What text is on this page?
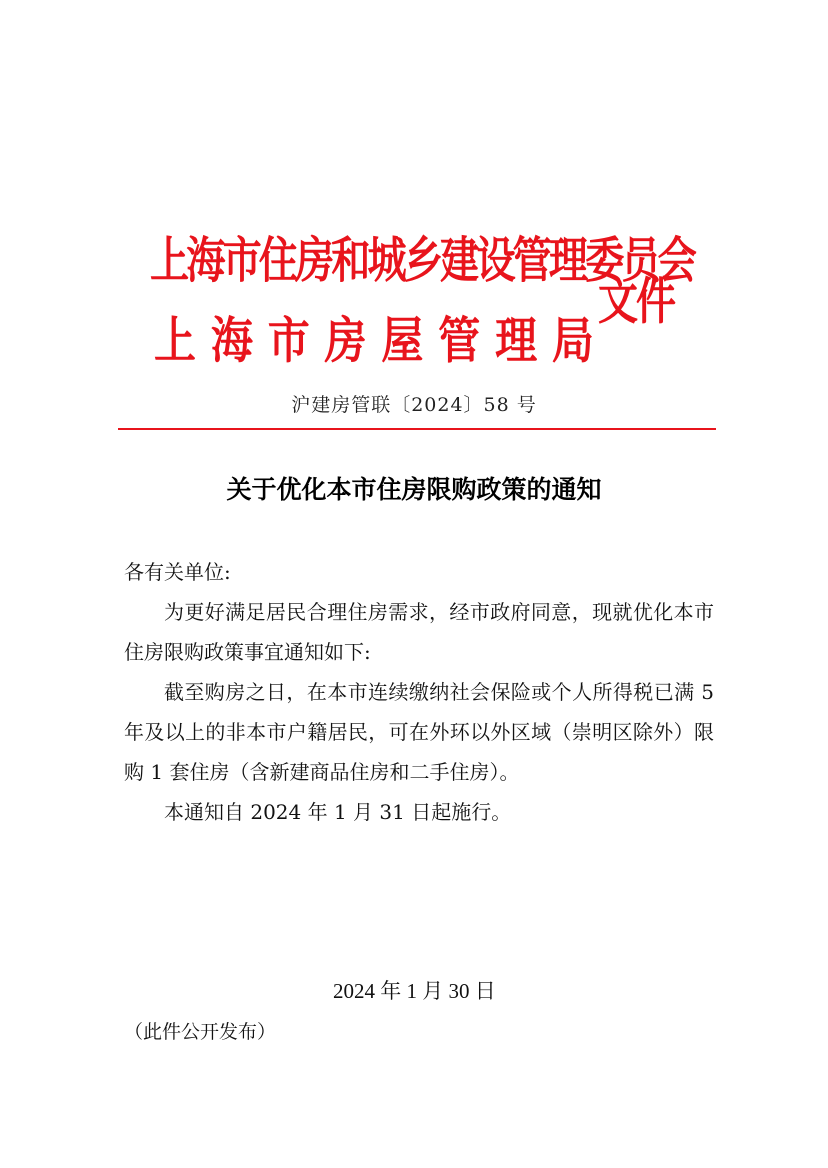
上海市住房和城乡建设管理委员会
上 海 市 房 屋 管 理 局
文件
沪建房管联〔2024〕58 号
关于优化本市住房限购政策的通知

各有关单位:

为更好满足居民合理住房需求，经市政府同意，现就优化本市住房限购政策事宜通知如下:

截至购房之日，在本市连续缴纳社会保险或个人所得税已满 5 年及以上的非本市户籍居民，可在外环以外区域（崇明区除外）限购 1 套住房（含新建商品住房和二手住房）。

本通知自 2024 年 1 月 31 日起施行。

2024 年 1 月 30 日
（此件公开发布）
